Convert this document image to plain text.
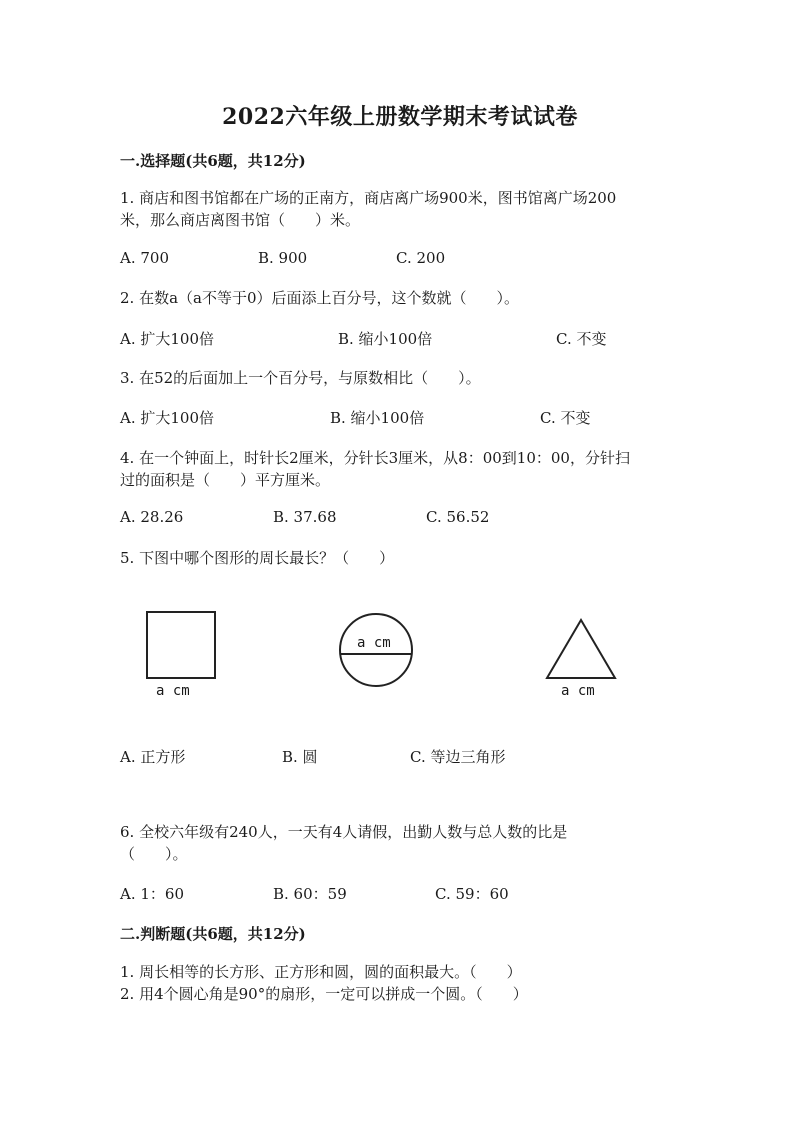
2022六年级上册数学期末考试试卷
一.选择题(共6题，共12分)
1. 商店和图书馆都在广场的正南方，商店离广场900米，图书馆离广场200
米，那么商店离图书馆（　　）米。
A. 700	B. 900	C. 200
2. 在数a（a不等于0）后面添上百分号，这个数就（　　）。
A. 扩大100倍	B. 缩小100倍	C. 不变
3. 在52的后面加上一个百分号，与原数相比（　　）。
A. 扩大100倍	B. 缩小100倍	C. 不变
4. 在一个钟面上，时针长2厘米，分针长3厘米，从8：00到10：00，分针扫
过的面积是（　　）平方厘米。
A. 28.26	B. 37.68	C. 56.52
5. 下图中哪个图形的周长最长？（　　）
a cm
a cm
a cm
A. 正方形	B. 圆	C. 等边三角形
6. 全校六年级有240人，一天有4人请假，出勤人数与总人数的比是
（　　）。
A. 1：60	B. 60：59	C. 59：60
二.判断题(共6题，共12分)
1. 周长相等的长方形、正方形和圆，圆的面积最大。（　　）
2. 用4个圆心角是90°的扇形，一定可以拼成一个圆。（　　）
